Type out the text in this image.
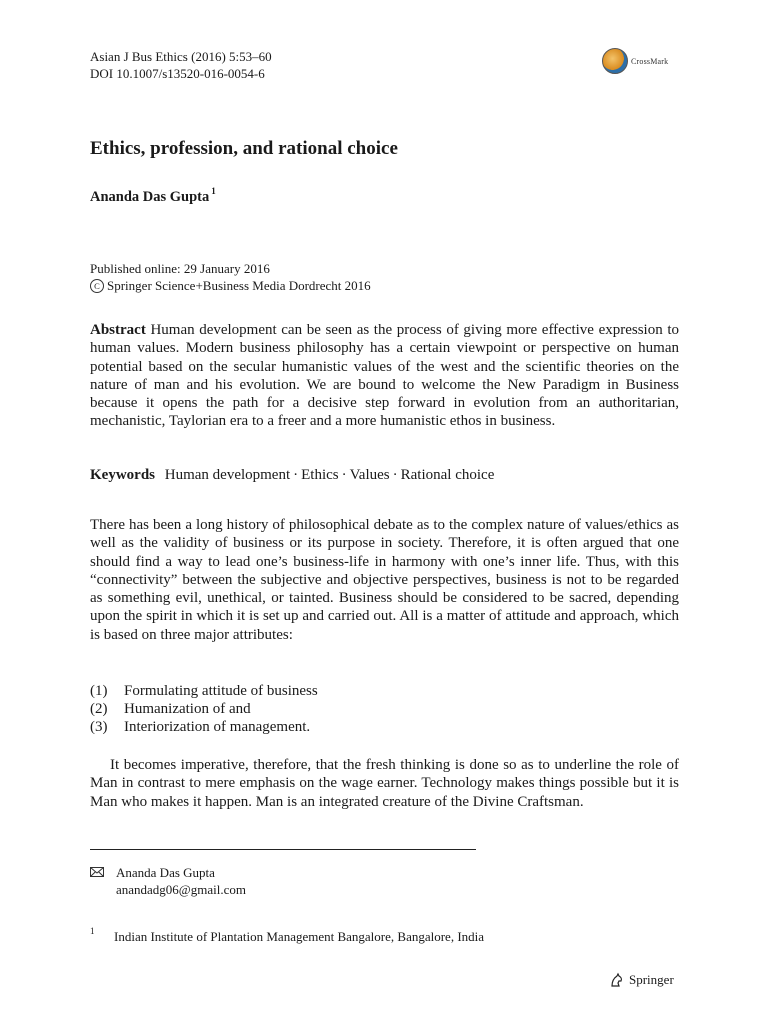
Asian J Bus Ethics (2016) 5:53–60
DOI 10.1007/s13520-016-0054-6
CrossMark
Ethics, profession, and rational choice
Ananda Das Gupta $^1$
Published online: 29 January 2016
C Springer Science+Business Media Dordrecht 2016
Abstract Human development can be seen as the process of giving more effective expression to human values. Modern business philosophy has a certain viewpoint or perspective on human potential based on the secular humanistic values of the west and the scientific theories on the nature of man and his evolution. We are bound to welcome the New Paradigm in Business because it opens the path for a decisive step forward in evolution from an authoritarian, mechanistic, Taylorian era to a freer and a more humanistic ethos in business.
Keywords Human development · Ethics · Values · Rational choice
There has been a long history of philosophical debate as to the complex nature of values/ethics as well as the validity of business or its purpose in society. Therefore, it is often argued that one should find a way to lead one’s business-life in harmony with one’s inner life. Thus, with this “connectivity” between the subjective and objective perspectives, business is not to be regarded as something evil, unethical, or tainted. Business should be considered to be sacred, depending upon the spirit in which it is set up and carried out. All is a matter of attitude and approach, which is based on three major attributes:
(1)	Formulating attitude of business
(2)	Humanization of and
(3)	Interiorization of management.
It becomes imperative, therefore, that the fresh thinking is done so as to underline the role of Man in contrast to mere emphasis on the wage earner. Technology makes things possible but it is Man who makes it happen. Man is an integrated creature of the Divine Craftsman.
Ananda Das Gupta
anandadg06@gmail.com
1	Indian Institute of Plantation Management Bangalore, Bangalore, India
Springer
